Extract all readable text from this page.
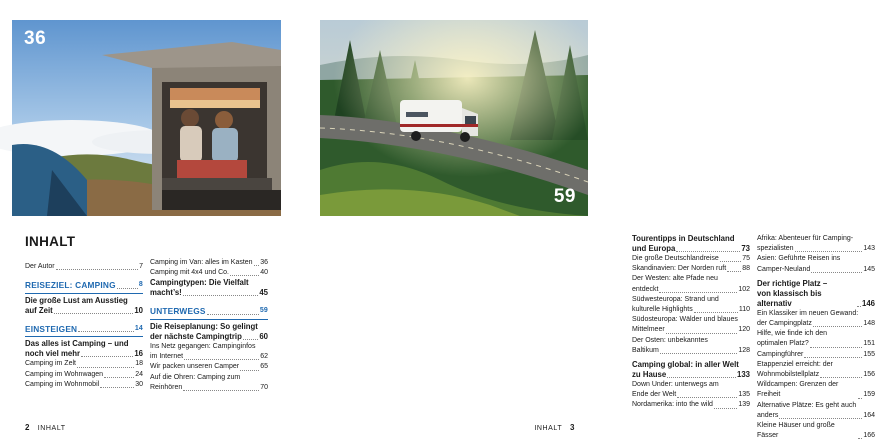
36
INHALT
Der Autor	7
REISEZIEL: CAMPING	8
Die große Lust am Ausstieg
auf Zeit	10
EINSTEIGEN	14
Das alles ist Camping – und
noch viel mehr	16
Camping im Zelt	18
Camping im Wohnwagen	24
Camping im Wohnmobil	30
Camping im Van: alles im Kasten 36
Camping mit 4x4 und Co.	40
Campingtypen: Die Vielfalt
macht’s!	45
UNTERWEGS	59
Die Reiseplanung: So gelingt
der nächste Campingtrip 60
Ins Netz gegangen: Campinginfos
im Internet	62
Wir packen unseren Camper	65
Auf die Ohren: Camping zum
Reinhören	70
2 INHALT
59
Tourentipps in Deutschland
und Europa	73
Die große Deutschlandreise	75
Skandinavien: Der Norden ruft 88
Der Westen: alte Pfade neu
entdeckt	102
Südwesteuropa: Strand und
kulturelle Highlights	110
Südosteuropa: Wälder und blaues
Mittelmeer	120
Der Osten: unbekanntes
Baltikum	128
Camping global: in aller Welt
zu Hause	133
Down Under: unterwegs am
Ende der Welt	135
Nordamerika: into the wild	139
Afrika: Abenteuer für Camping-
spezialisten	143
Asien: Geführte Reisen ins
Camper-Neuland	145
Der richtige Platz –
von klassisch bis alternativ	146
Ein Klassiker im neuen Gewand:
der Campingplatz	148
Hilfe, wie finde ich den
optimalen Platz?	151
Campingführer	155
Etappenziel erreicht: der
Wohnmobilstellplatz	156
Wildcampen: Grenzen der Freiheit	159
Alternative Plätze: Es geht auch
anders	164
Kleine Häuser und große Fässer	166
INHALT 3
